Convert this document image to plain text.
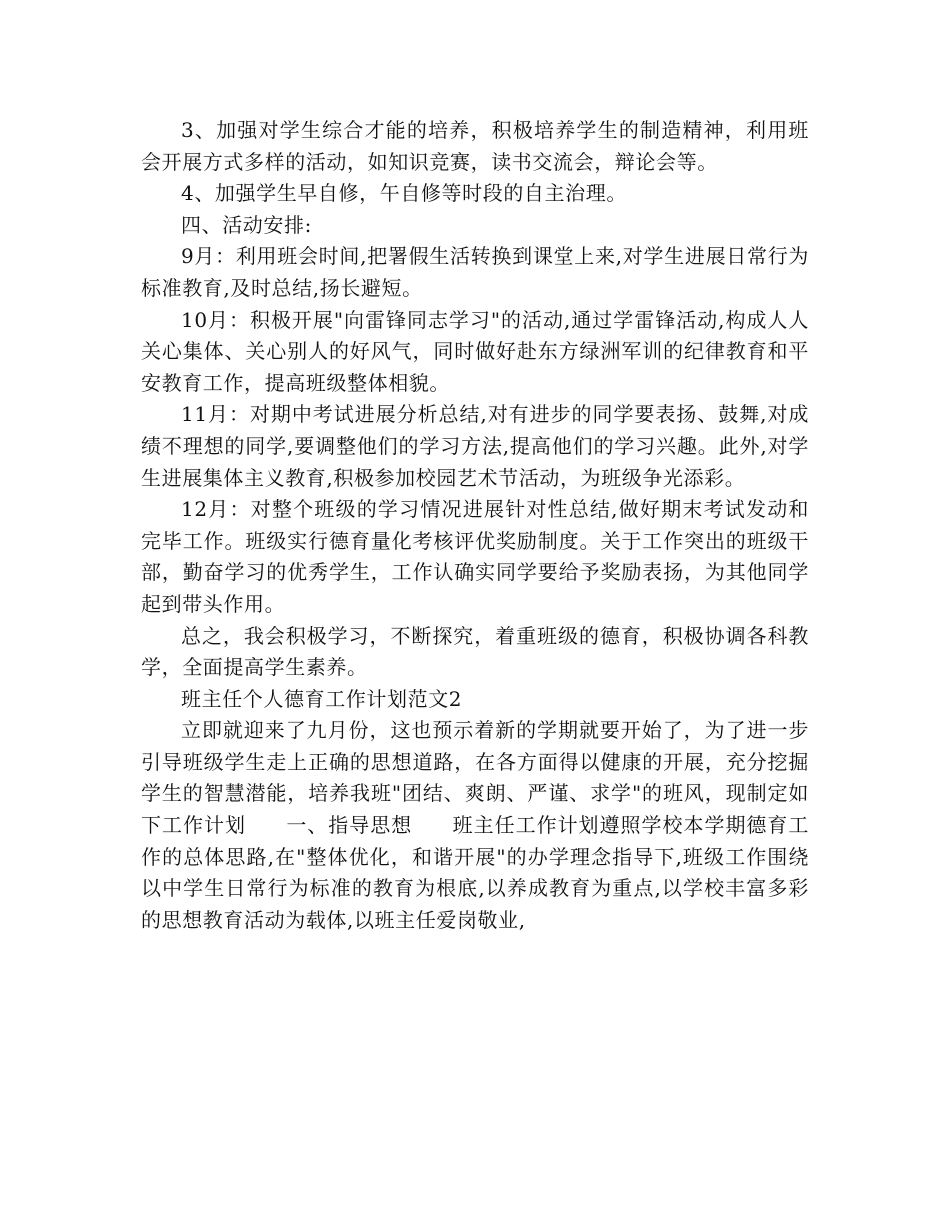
3、加强对学生综合才能的培养，积极培养学生的制造精神，利用班会开展方式多样的活动，如知识竞赛，读书交流会，辩论会等。

4、加强学生早自修，午自修等时段的自主治理。

四、活动安排:

9月：利用班会时间,把署假生活转换到课堂上来,对学生进展日常行为标准教育,及时总结,扬长避短。

10月：积极开展"向雷锋同志学习"的活动,通过学雷锋活动,构成人人关心集体、关心别人的好风气，同时做好赴东方绿洲军训的纪律教育和平安教育工作，提高班级整体相貌。

11月：对期中考试进展分析总结,对有进步的同学要表扬、鼓舞,对成绩不理想的同学,要调整他们的学习方法,提高他们的学习兴趣。此外,对学生进展集体主义教育,积极参加校园艺术节活动，为班级争光添彩。

12月：对整个班级的学习情况进展针对性总结,做好期末考试发动和完毕工作。班级实行德育量化考核评优奖励制度。关于工作突出的班级干部，勤奋学习的优秀学生，工作认确实同学要给予奖励表扬，为其他同学起到带头作用。

总之，我会积极学习，不断探究，着重班级的德育，积极协调各科教学，全面提高学生素养。

班主任个人德育工作计划范文2

立即就迎来了九月份，这也预示着新的学期就要开始了，为了进一步引导班级学生走上正确的思想道路，在各方面得以健康的开展，充分挖掘学生的智慧潜能，培养我班"团结、爽朗、严谨、求学"的班风，现制定如下工作计划 一、指导思想 班主任工作计划遵照学校本学期德育工作的总体思路,在"整体优化，和谐开展"的办学理念指导下,班级工作围绕以中学生日常行为标准的教育为根底,以养成教育为重点,以学校丰富多彩的思想教育活动为载体,以班主任爱岗敬业,
